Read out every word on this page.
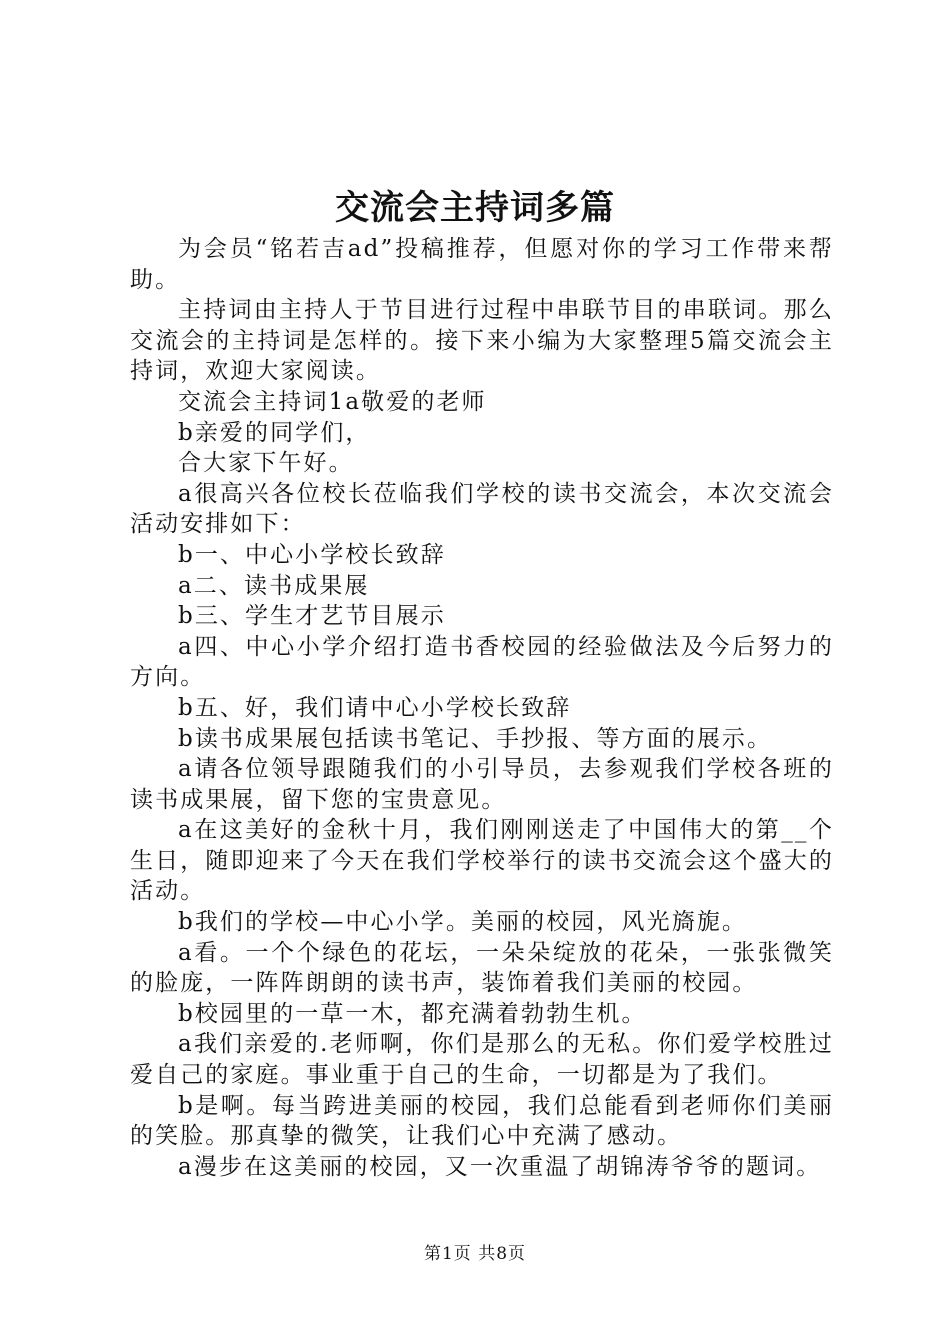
交流会主持词多篇

为会员“铭若吉ad”投稿推荐，但愿对你的学习工作带来帮助。

主持词由主持人于节目进行过程中串联节目的串联词。那么交流会的主持词是怎样的。接下来小编为大家整理5篇交流会主持词，欢迎大家阅读。

交流会主持词1a敬爱的老师

b亲爱的同学们，

合大家下午好。

a很高兴各位校长莅临我们学校的读书交流会，本次交流会活动安排如下：

b一、中心小学校长致辞

a二、读书成果展

b三、学生才艺节目展示

a四、中心小学介绍打造书香校园的经验做法及今后努力的方向。

b五、好，我们请中心小学校长致辞

b读书成果展包括读书笔记、手抄报、等方面的展示。

a请各位领导跟随我们的小引导员，去参观我们学校各班的读书成果展，留下您的宝贵意见。

a在这美好的金秋十月，我们刚刚送走了中国伟大的第__个生日，随即迎来了今天在我们学校举行的读书交流会这个盛大的活动。

b我们的学校—中心小学。美丽的校园，风光旖旎。

a看。一个个绿色的花坛，一朵朵绽放的花朵，一张张微笑的脸庞，一阵阵朗朗的读书声，装饰着我们美丽的校园。

b校园里的一草一木，都充满着勃勃生机。

a我们亲爱的.老师啊，你们是那么的无私。你们爱学校胜过爱自己的家庭。事业重于自己的生命，一切都是为了我们。

b是啊。每当跨进美丽的校园，我们总能看到老师你们美丽的笑脸。那真挚的微笑，让我们心中充满了感动。

a漫步在这美丽的校园，又一次重温了胡锦涛爷爷的题词。

第1页 共8页
